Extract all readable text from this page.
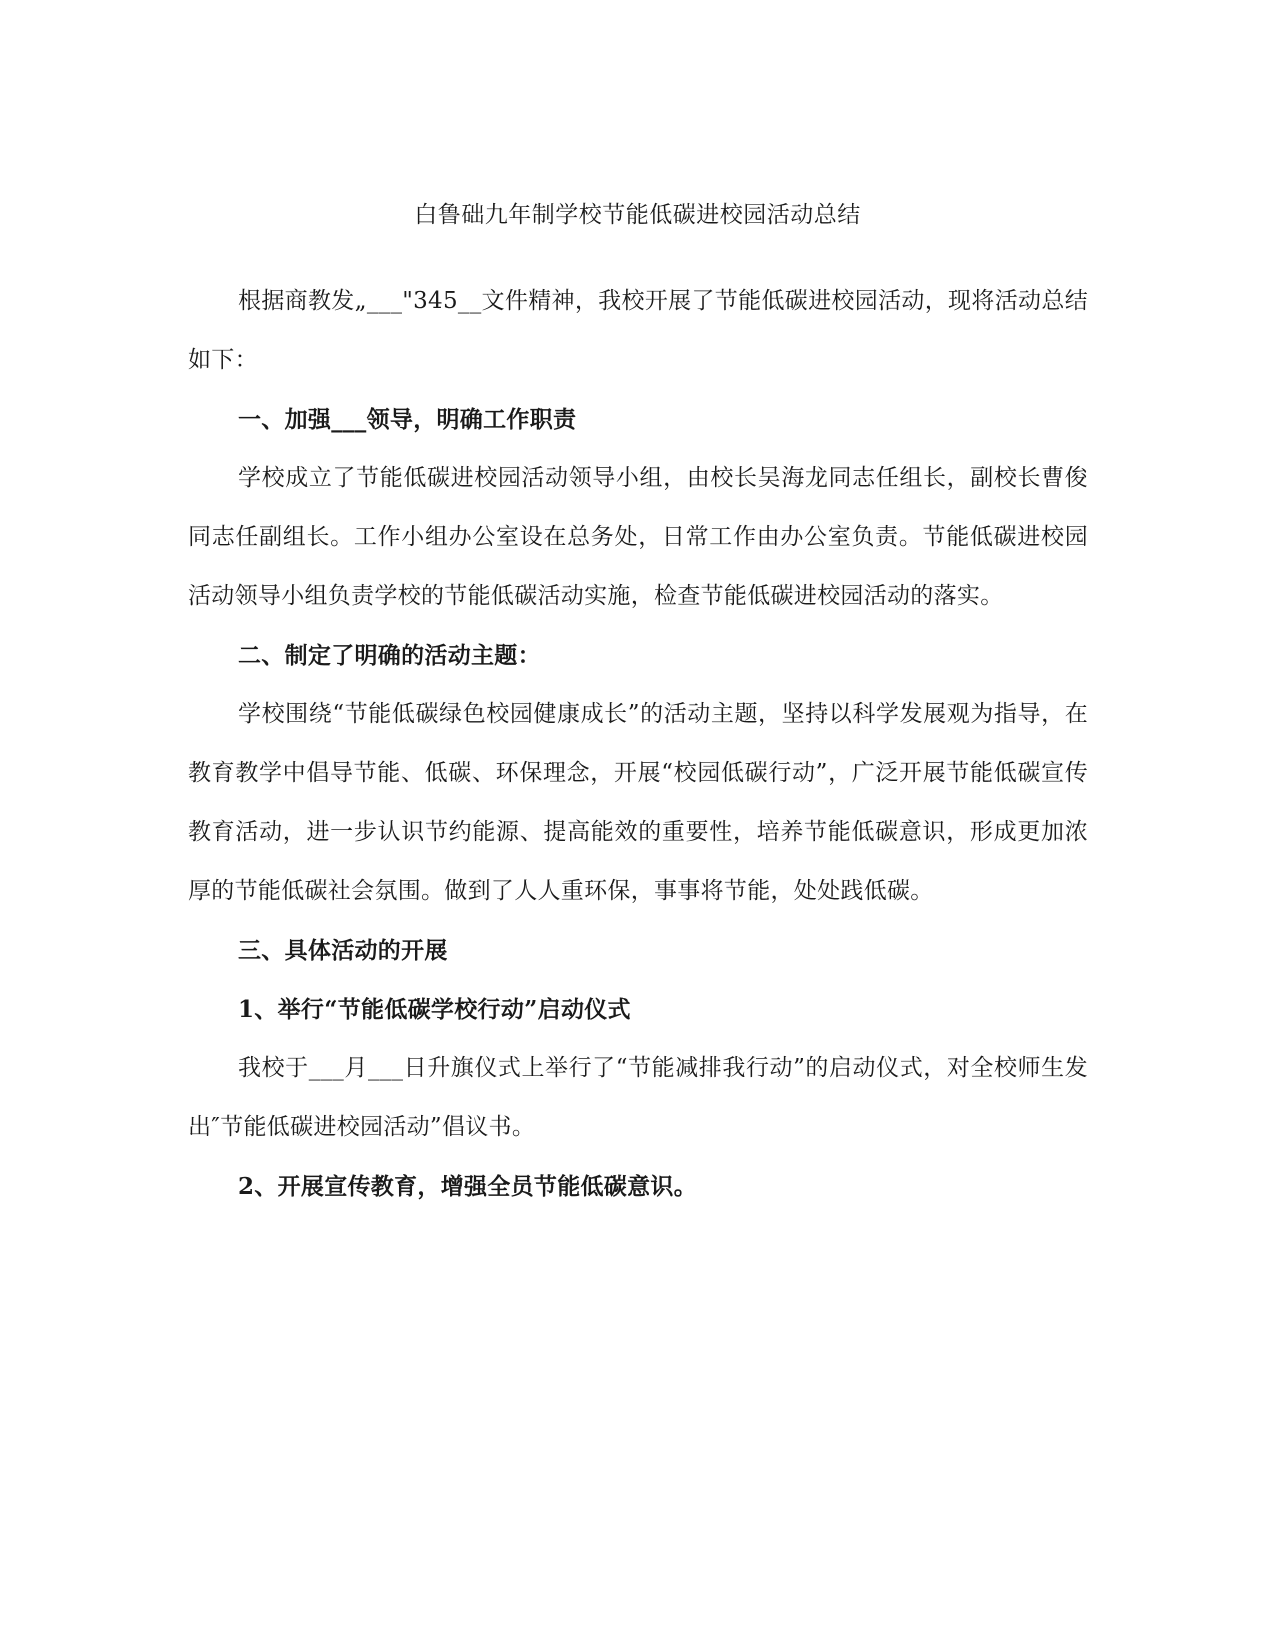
白鲁础九年制学校节能低碳进校园活动总结

根据商教发„___"345__文件精神，我校开展了节能低碳进校园活动，现将活动总结如下：

一、加强___领导，明确工作职责

学校成立了节能低碳进校园活动领导小组，由校长吴海龙同志任组长，副校长曹俊同志任副组长。工作小组办公室设在总务处，日常工作由办公室负责。节能低碳进校园活动领导小组负责学校的节能低碳活动实施，检查节能低碳进校园活动的落实。

二、制定了明确的活动主题：

学校围绕“节能低碳绿色校园健康成长”的活动主题，坚持以科学发展观为指导，在教育教学中倡导节能、低碳、环保理念，开展“校园低碳行动”，广泛开展节能低碳宣传教育活动，进一步认识节约能源、提高能效的重要性，培养节能低碳意识，形成更加浓厚的节能低碳社会氛围。做到了人人重环保，事事将节能，处处践低碳。

三、具体活动的开展

1、举行“节能低碳学校行动”启动仪式

我校于___月___日升旗仪式上举行了“节能减排我行动”的启动仪式，对全校师生发出″节能低碳进校园活动”倡议书。

2、开展宣传教育，增强全员节能低碳意识。
